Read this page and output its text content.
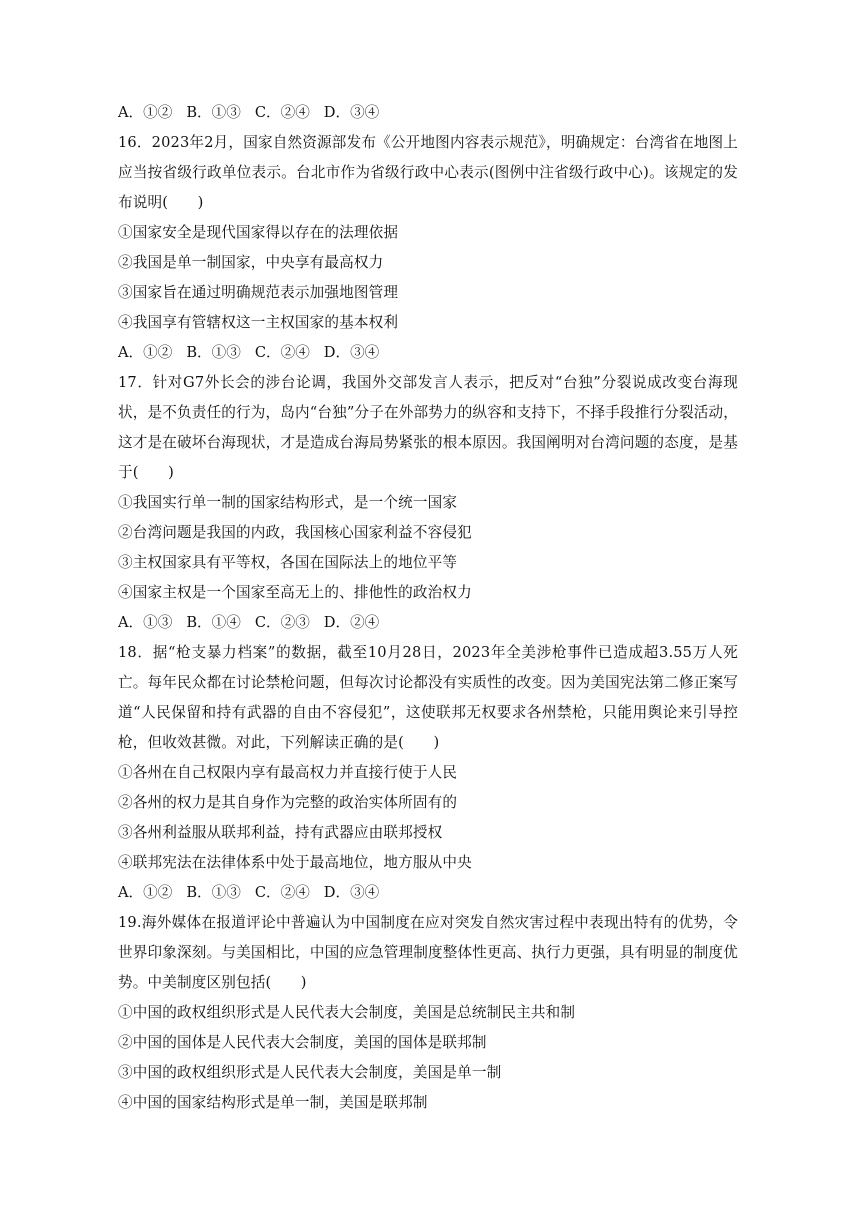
A．①② B．①③ C．②④ D．③④
16．2023年2月，国家自然资源部发布《公开地图内容表示规范》，明确规定：台湾省在地图上应当按省级行政单位表示。台北市作为省级行政中心表示(图例中注省级行政中心)。该规定的发布说明(　　)
①国家安全是现代国家得以存在的法理依据
②我国是单一制国家，中央享有最高权力
③国家旨在通过明确规范表示加强地图管理
④我国享有管辖权这一主权国家的基本权利
A．①② B．①③ C．②④ D．③④
17．针对G7外长会的涉台论调，我国外交部发言人表示，把反对“台独”分裂说成改变台海现状，是不负责任的行为，岛内“台独”分子在外部势力的纵容和支持下，不择手段推行分裂活动，这才是在破坏台海现状，才是造成台海局势紧张的根本原因。我国阐明对台湾问题的态度，是基于(　　)
①我国实行单一制的国家结构形式，是一个统一国家
②台湾问题是我国的内政，我国核心国家利益不容侵犯
③主权国家具有平等权，各国在国际法上的地位平等
④国家主权是一个国家至高无上的、排他性的政治权力
A．①③ B．①④ C．②③ D．②④
18．据“枪支暴力档案”的数据，截至10月28日，2023年全美涉枪事件已造成超3.55万人死亡。每年民众都在讨论禁枪问题，但每次讨论都没有实质性的改变。因为美国宪法第二修正案写道“人民保留和持有武器的自由不容侵犯”，这使联邦无权要求各州禁枪，只能用舆论来引导控枪，但收效甚微。对此，下列解读正确的是(　　)
①各州在自己权限内享有最高权力并直接行使于人民
②各州的权力是其自身作为完整的政治实体所固有的
③各州利益服从联邦利益，持有武器应由联邦授权
④联邦宪法在法律体系中处于最高地位，地方服从中央
A．①② B．①③ C．②④ D．③④
19.海外媒体在报道评论中普遍认为中国制度在应对突发自然灾害过程中表现出特有的优势，令世界印象深刻。与美国相比，中国的应急管理制度整体性更高、执行力更强，具有明显的制度优势。中美制度区别包括(　　)
①中国的政权组织形式是人民代表大会制度，美国是总统制民主共和制
②中国的国体是人民代表大会制度，美国的国体是联邦制
③中国的政权组织形式是人民代表大会制度，美国是单一制
④中国的国家结构形式是单一制，美国是联邦制
